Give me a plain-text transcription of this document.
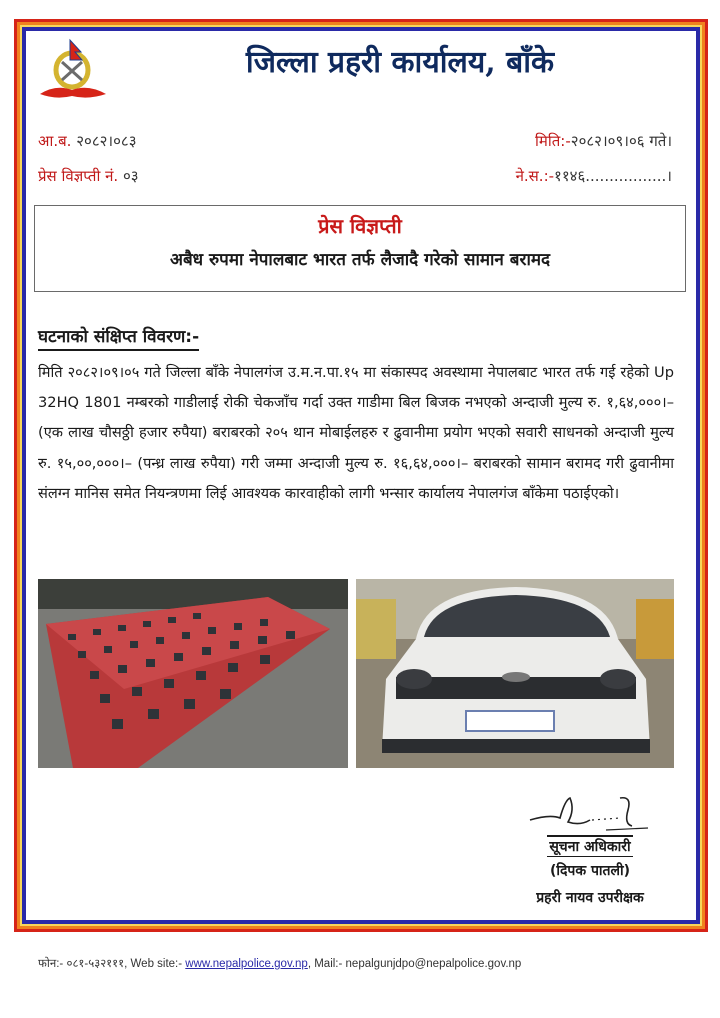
जिल्ला प्रहरी कार्यालय, बाँके
आ.ब. २०८२।०८३
प्रेस विज्ञप्ती नं. ०३
मिति:-२०८२।०९।०६ गते।
ने.स.:-११४६.................।
प्रेस विज्ञप्ती
अबैध रुपमा नेपालबाट भारत तर्फ लैजादै गरेको सामान बरामद
घटनाको संक्षिप्त विवरण:-
मिति २०८२।०९।०५ गते जिल्ला बाँके नेपालगंज उ.म.न.पा.१५ मा संकास्पद अवस्थामा नेपालबाट भारत तर्फ गई रहेको Up 32HQ 1801 नम्बरको गाडीलाई रोकी चेकजाँच गर्दा उक्त गाडीमा बिल बिजक नभएको अन्दाजी मुल्य रु. १,६४,०००।– (एक लाख चौसठ्ठी हजार रुपैया) बराबरको २०५ थान मोबाईलहरु र ढुवानीमा प्रयोग भएको सवारी साधनको अन्दाजी मुल्य रु. १५,००,०००।– (पन्ध्र लाख रुपैया) गरी जम्मा अन्दाजी मुल्य रु. १६,६४,०००।– बराबरको सामान बरामद गरी ढुवानीमा संलग्न मानिस समेत नियन्त्रणमा लिई आवश्यक कारवाहीको लागी भन्सार कार्यालय नेपालगंज बाँकेमा पठाईएको।
सूचना अधिकारी
(दिपक पातली)
प्रहरी नायव उपरीक्षक
फोन:- ०८१-५३२१११, Web site:- www.nepalpolice.gov.np, Mail:- nepalgunjdpo@nepalpolice.gov.np
